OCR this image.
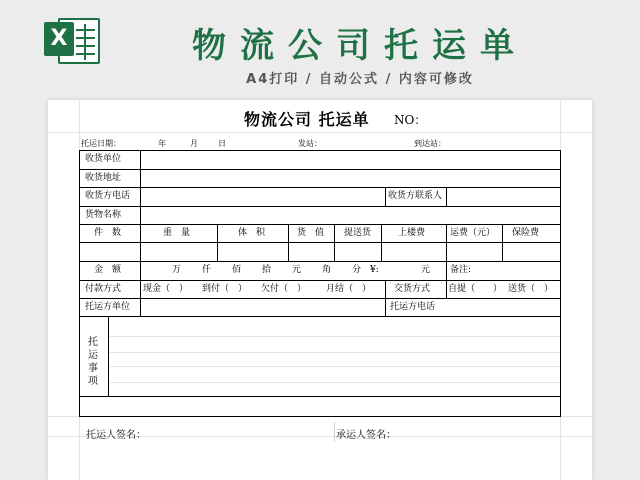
X	物流公司托运单
A4打印 / 自动公式 / 内容可修改
物流公司 托运单 NO：
托运日期：	年	月	日	发站：	到达站：
收货单位
收货地址
收货方电话	收货方联系人
货物名称
件　数	重　量	体　积	货　值 提送货	上楼费	运费（元） 保险费
金　额	万 仟 佰 拾 元 角 分 ¥:	元 备注:
付款方式 现金（　） 到付（　） 欠付（　） 月结（　）	交货方式 自提（　　） 送货（　）
托运方单位	托运方电话
托
运
事
项
托运人签名：	承运人签名：
